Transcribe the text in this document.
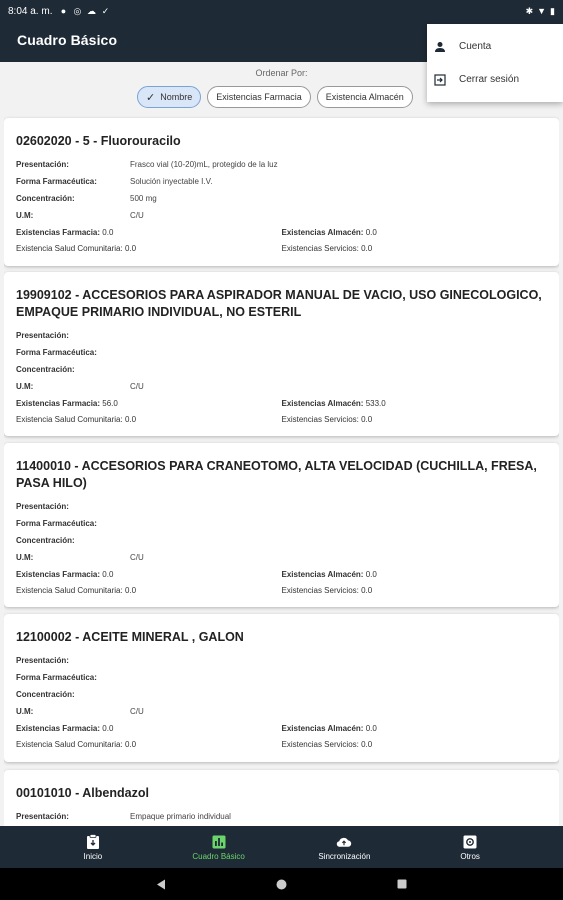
8:04 a. m. ● ◎ ☁ ✓	✱ ▼ ▮
Cuadro Básico	Cuenta
Cerrar sesión
Ordenar Por:
✓ Nombre	Existencias Farmacia	Existencia Almacén
02602020 - 5 - Fluorouracilo
Presentación:	Frasco vial (10-20)mL, protegido de la luz
Forma Farmacéutica:	Solución inyectable I.V.
Concentración:	500 mg
U.M:	C/U
Existencias Farmacia: 0.0	Existencias Almacén: 0.0
Existencia Salud Comunitaria: 0.0	Existencias Servicios: 0.0
19909102 - ACCESORIOS PARA ASPIRADOR MANUAL DE VACIO, USO GINECOLOGICO, EMPAQUE PRIMARIO INDIVIDUAL, NO ESTERIL
Presentación:
Forma Farmacéutica:
Concentración:
U.M:	C/U
Existencias Farmacia: 56.0	Existencias Almacén: 533.0
Existencia Salud Comunitaria: 0.0	Existencias Servicios: 0.0
11400010 - ACCESORIOS PARA CRANEOTOMO, ALTA VELOCIDAD (CUCHILLA, FRESA, PASA HILO)
Presentación:
Forma Farmacéutica:
Concentración:
U.M:	C/U
Existencias Farmacia: 0.0	Existencias Almacén: 0.0
Existencia Salud Comunitaria: 0.0	Existencias Servicios: 0.0
12100002 - ACEITE MINERAL , GALON
Presentación:
Forma Farmacéutica:
Concentración:
U.M:	C/U
Existencias Farmacia: 0.0	Existencias Almacén: 0.0
Existencia Salud Comunitaria: 0.0	Existencias Servicios: 0.0
00101010 - Albendazol
Presentación:	Empaque primario individual
Inicio	Cuadro Básico	Sincronización	Otros
